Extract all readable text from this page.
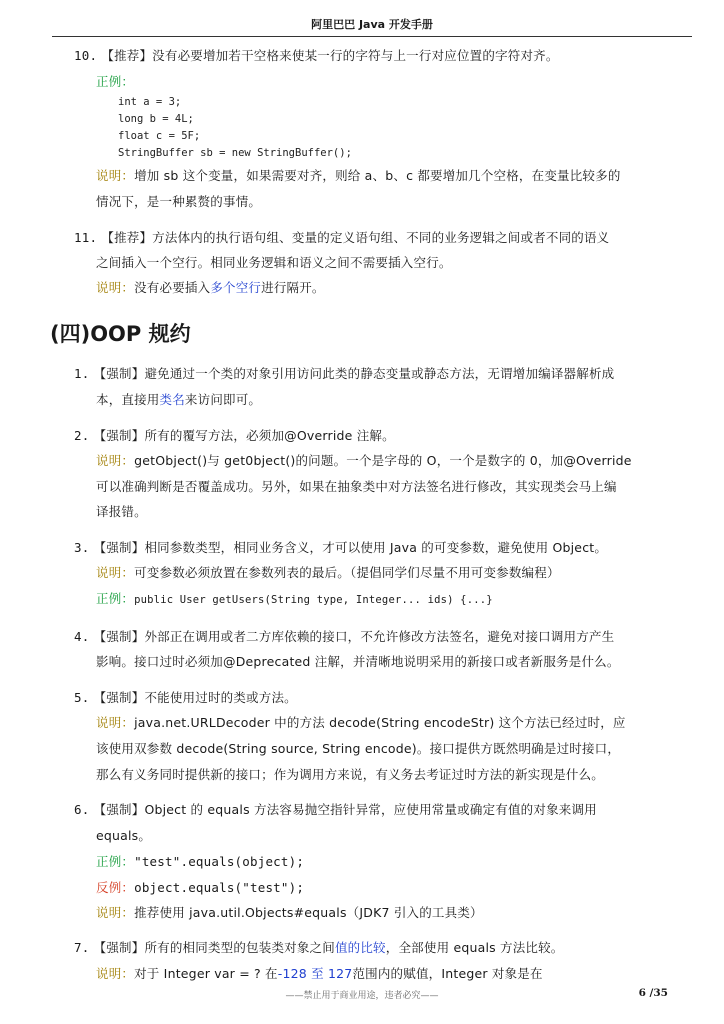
阿里巴巴 Java 开发手册
10. 【推荐】没有必要增加若干空格来使某一行的字符与上一行对应位置的字符对齐。
正例：
int a = 3;
long b = 4L;
float c = 5F;
StringBuffer sb = new StringBuffer();
说明：增加 sb 这个变量，如果需要对齐，则给 a、b、c 都要增加几个空格，在变量比较多的
情况下，是一种累赘的事情。
11. 【推荐】方法体内的执行语句组、变量的定义语句组、不同的业务逻辑之间或者不同的语义
之间插入一个空行。相同业务逻辑和语义之间不需要插入空行。
说明：没有必要插入多个空行进行隔开。
(四)OOP 规约
1. 【强制】避免通过一个类的对象引用访问此类的静态变量或静态方法，无谓增加编译器解析成
本，直接用类名来访问即可。
2. 【强制】所有的覆写方法，必须加@Override 注解。
说明：getObject()与 get0bject()的问题。一个是字母的 O，一个是数字的 0，加@Override
可以准确判断是否覆盖成功。另外，如果在抽象类中对方法签名进行修改，其实现类会马上编
译报错。
3. 【强制】相同参数类型，相同业务含义，才可以使用 Java 的可变参数，避免使用 Object。
说明：可变参数必须放置在参数列表的最后。（提倡同学们尽量不用可变参数编程）
正例：public User getUsers(String type, Integer... ids) {...}
4. 【强制】外部正在调用或者二方库依赖的接口，不允许修改方法签名，避免对接口调用方产生
影响。接口过时必须加@Deprecated 注解，并清晰地说明采用的新接口或者新服务是什么。
5. 【强制】不能使用过时的类或方法。
说明：java.net.URLDecoder 中的方法 decode(String encodeStr) 这个方法已经过时，应
该使用双参数 decode(String source, String encode)。接口提供方既然明确是过时接口，
那么有义务同时提供新的接口；作为调用方来说，有义务去考证过时方法的新实现是什么。
6. 【强制】Object 的 equals 方法容易抛空指针异常，应使用常量或确定有值的对象来调用
equals。
正例："test".equals(object);
反例：object.equals("test");
说明：推荐使用 java.util.Objects#equals（JDK7 引入的工具类）
7. 【强制】所有的相同类型的包装类对象之间值的比较，全部使用 equals 方法比较。
说明：对于 Integer var = ? 在-128 至 127范围内的赋值，Integer 对象是在
——禁止用于商业用途，违者必究——	6 /35
